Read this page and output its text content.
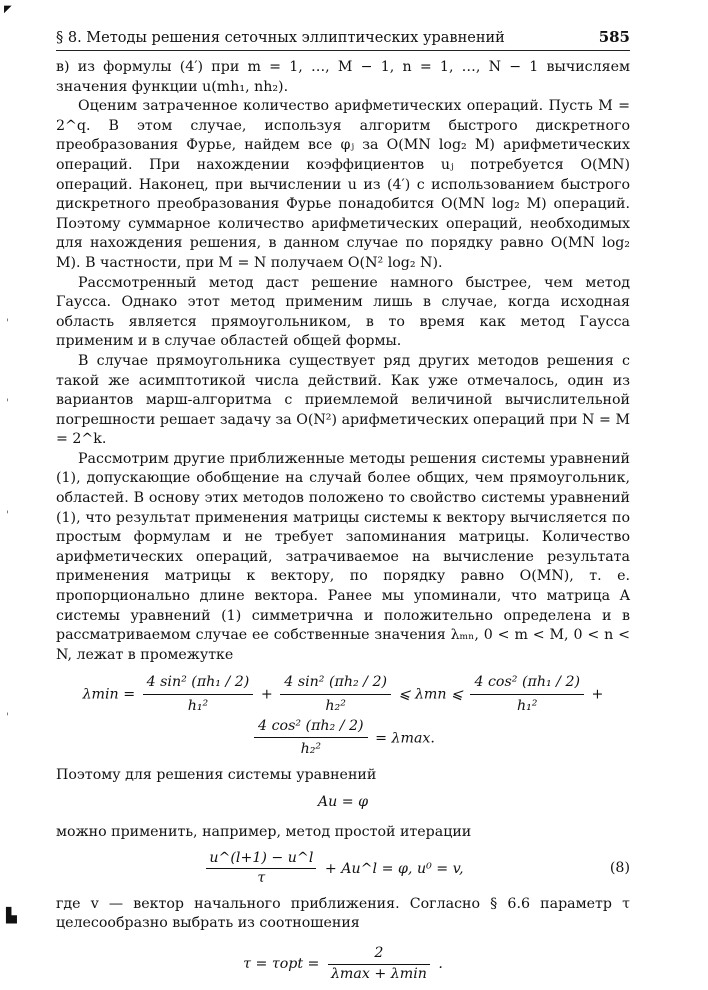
◤
§ 8. Методы решения сеточных эллиптических уравнений	585

в) из формулы (4′) при m = 1, …, M − 1, n = 1, …, N − 1 вычисляем значения функции u(mh₁, nh₂).

Оценим затраченное количество арифметических операций. Пусть M = 2^q. В этом случае, используя алгоритм быстрого дискретного преобразования Фурье, найдем все φⱼ за O(MN log₂ M) арифметических операций. При нахождении коэффициентов uⱼ потребуется O(MN) операций. Наконец, при вычислении u из (4′) с использованием быстрого дискретного преобразования Фурье понадобится O(MN log₂ M) операций. Поэтому суммарное количество арифметических операций, необходимых для нахождения решения, в данном случае по порядку равно O(MN log₂ M). В частности, при M = N получаем O(N² log₂ N).

Рассмотренный метод даст решение намного быстрее, чем метод Гаусса. Однако этот метод применим лишь в случае, когда исходная область является прямоугольником, в то время как метод Гаусса применим и в случае областей общей формы.

В случае прямоугольника существует ряд других методов решения с такой же асимптотикой числа действий. Как уже отмечалось, один из вариантов марш-алгоритма с приемлемой величиной вычислительной погрешности решает задачу за O(N²) арифметических операций при N = M = 2^k.

Рассмотрим другие приближенные методы решения системы уравнений (1), допускающие обобщение на случай более общих, чем прямоугольник, областей. В основу этих методов положено то свойство системы уравнений (1), что результат применения матрицы системы к вектору вычисляется по простым формулам и не требует запоминания матрицы. Количество арифметических операций, затрачиваемое на вычисление результата применения матрицы к вектору, по порядку равно O(MN), т. е. пропорционально длине вектора. Ранее мы упоминали, что матрица A системы уравнений (1) симметрична и положительно определена и в рассматриваемом случае ее собственные значения λₘₙ, 0 < m < M, 0 < n < N, лежат в промежутке

$\lambda\min = \frac{\text{4 sin² (πh₁ / 2)}}{\text{h₁²}} + \frac{\text{4 sin² (πh₂ / 2)}}{\text{h₂²}}$ ⩽ λmn ⩽ $\frac{\text{4 cos² (πh₁ / 2)}}{\text{h₁²}}$ +
$\frac{\text{4 cos² (πh₂ / 2)}}{\text{h₂²}} = \lambda\max$.

Поэтому для решения системы уравнений

Au = φ

можно применить, например, метод простой итерации

$\frac{u\^{}(l+1) - u\^{}l}{\tau}$ + Au^l = φ, u⁰ = v,	(8)

где v — вектор начального приближения. Согласно § 6.6 параметр τ целесообразно выбрать из соотношения

$\tau = \tau opt = \frac{2}{\lambda\max + \lambda\min}$ .
'
'
'
'
▙
